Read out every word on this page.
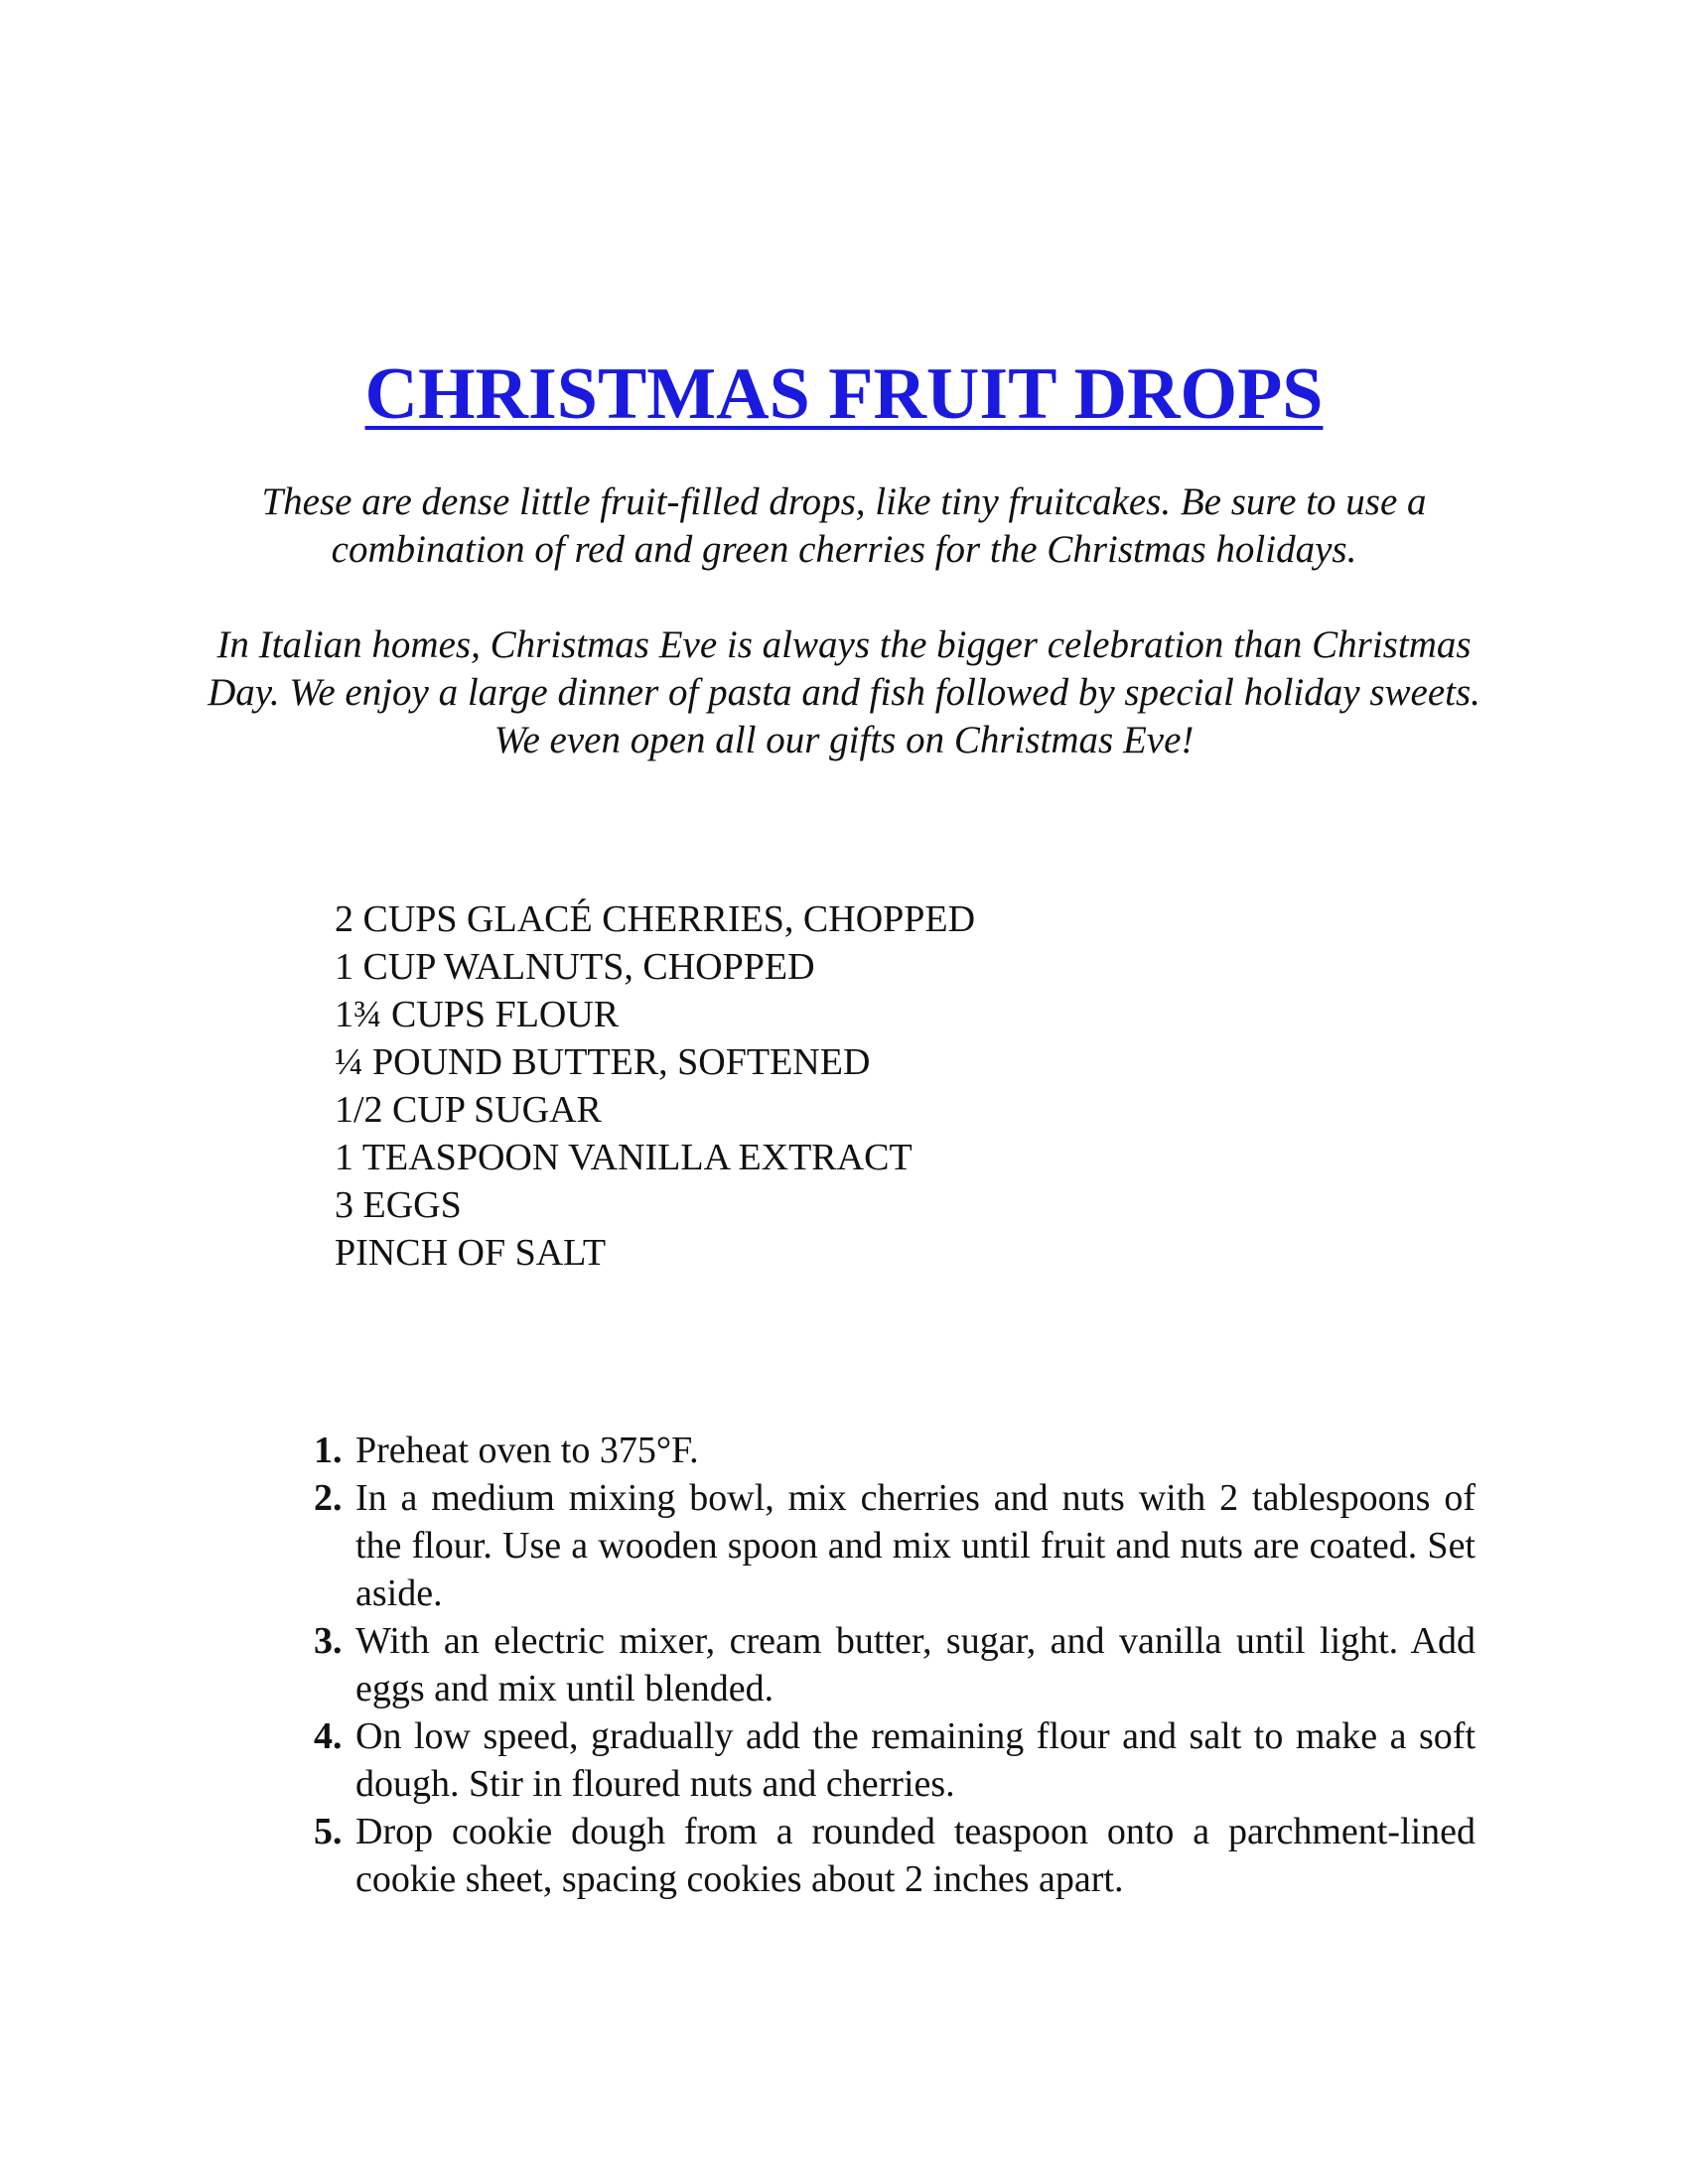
CHRISTMAS FRUIT DROPS

These are dense little fruit-filled drops, like tiny fruitcakes. Be sure to use a combination of red and green cherries for the Christmas holidays.

In Italian homes, Christmas Eve is always the bigger celebration than Christmas Day. We enjoy a large dinner of pasta and fish followed by special holiday sweets. We even open all our gifts on Christmas Eve!

2 CUPS GLACÉ CHERRIES, CHOPPED
1 CUP WALNUTS, CHOPPED
1¾ CUPS FLOUR
¼ POUND BUTTER, SOFTENED
1/2 CUP SUGAR
1 TEASPOON VANILLA EXTRACT
3 EGGS
PINCH OF SALT
1. Preheat oven to 375°F.
2. In a medium mixing bowl, mix cherries and nuts with 2 tablespoons of the flour. Use a wooden spoon and mix until fruit and nuts are coated. Set aside.
3. With an electric mixer, cream butter, sugar, and vanilla until light. Add eggs and mix until blended.
4. On low speed, gradually add the remaining flour and salt to make a soft dough. Stir in floured nuts and cherries.
5. Drop cookie dough from a rounded teaspoon onto a parchment-lined cookie sheet, spacing cookies about 2 inches apart.
